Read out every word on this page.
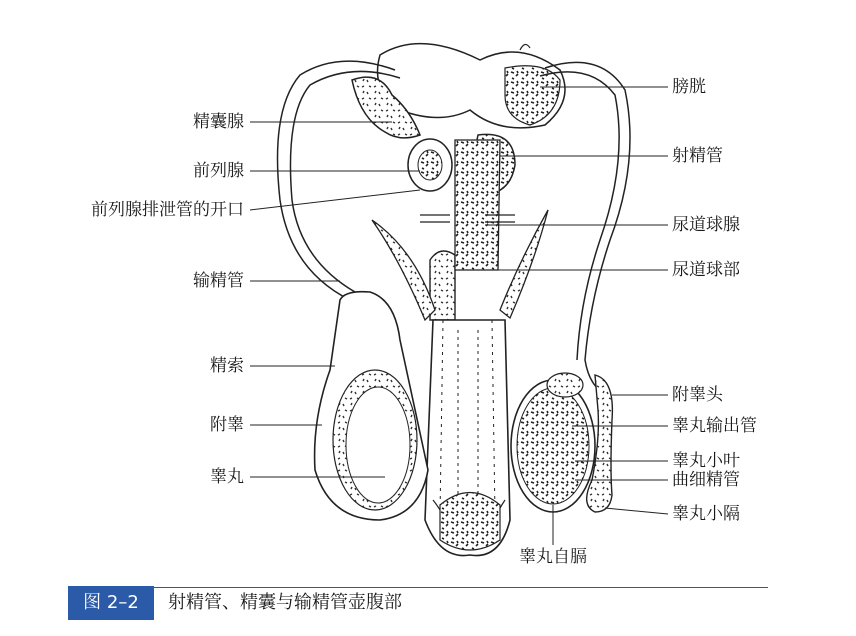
精囊腺
前列腺
前列腺排泄管的开口
输精管
精索
附睾
睾丸
膀胱
射精管
尿道球腺
尿道球部
附睾头
睾丸输出管
睾丸小叶
曲细精管
睾丸小隔
睾丸自膈
图 2–2	射精管、精囊与输精管壶腹部
